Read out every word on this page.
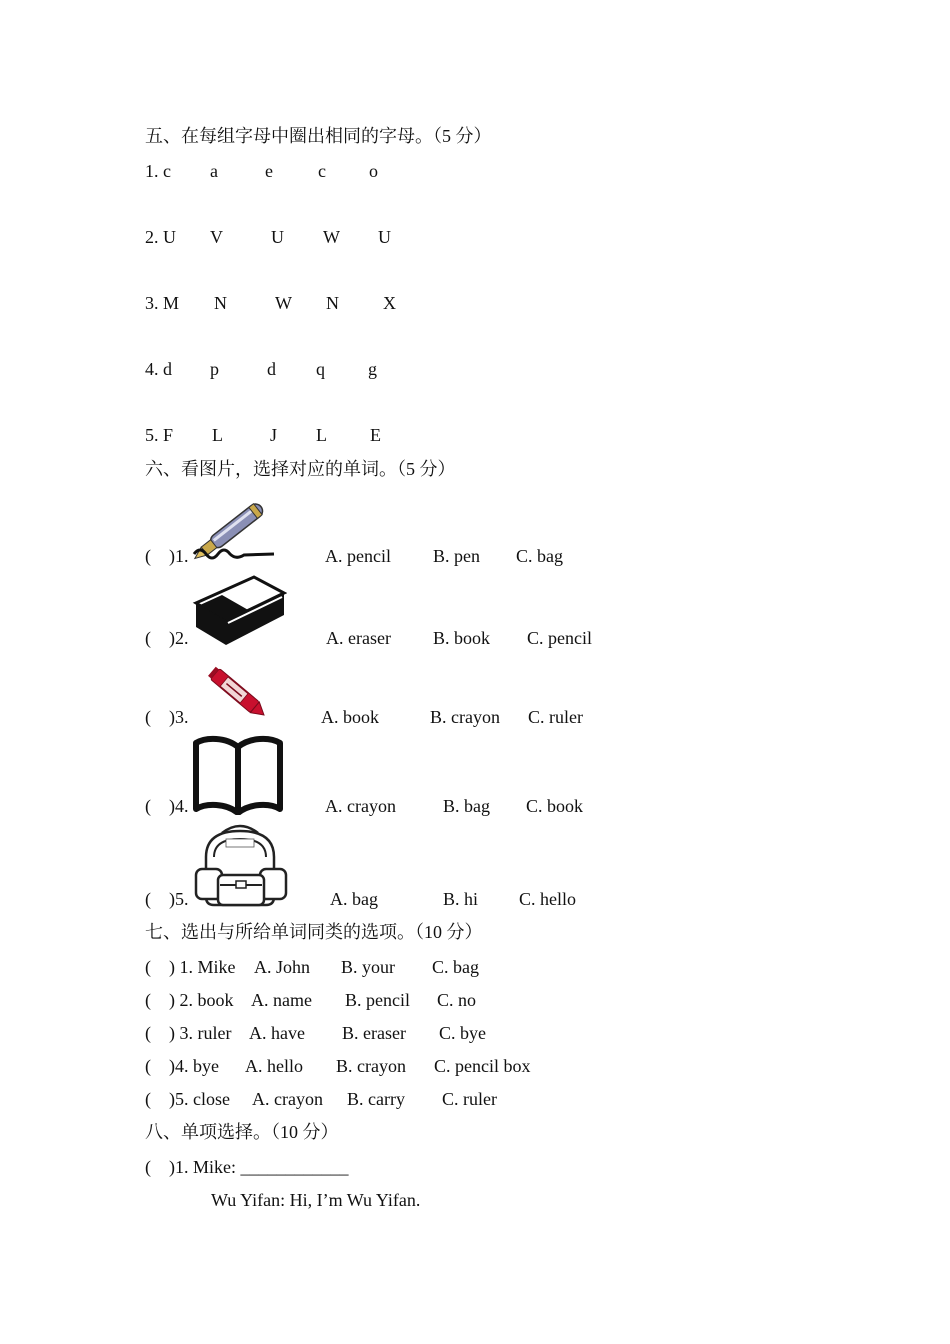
五、在每组字母中圈出相同的字母。（5 分）
1. c a	e	c o
2. U V	U W U
3. M N	W N X
4. d p	d q g
5. F L	J L E
六、看图片，选择对应的单词。（5 分）
(    )1.	A. pencil B. pen C. bag
(    )2.	A. eraser B. book C. pencil
(    )3.	A. book	B. crayon C. ruler
(    )4.	A. crayon	B. bag C. book
(    )5.	A. bag	B. hi C. hello
七、选出与所给单词同类的选项。（10 分）
(    ) 1. Mike A. John B. your C. bag
(    ) 2. book A. name B. pencil C. no
(    ) 3. ruler A. have B. eraser C. bye
(    )4. bye A. hello B. crayon C. pencil box
(    )5. close A. crayon B. carry C. ruler
八、单项选择。（10 分）
(    )1. Mike: ____________
Wu Yifan: Hi, I’m Wu Yifan.
